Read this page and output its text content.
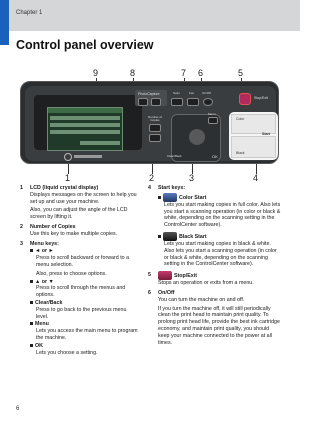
Chapter 1
Control panel overview
9	8	7 6	5
PhotoCapture	Scan	Fax	On/Off
Number of Copies
Menu
Clear/Back	OK
Stop/Exit
Color
Start
Black
1	2	3	4
1	LCD (liquid crystal display)
Displays messages on the screen to help you set up and use your machine.
Also, you can adjust the angle of the LCD screen by lifting it.
2	Number of Copies
Use this key to make multiple copies.
3	Menu keys:
◄ or ►
Press to scroll backward or forward to a menu selection.
Also, press to choose options.
▲ or ▼
Press to scroll through the menus and options.
Clear/Back
Press to go back to the previous menu level.
Menu
Lets you access the main menu to program the machine.
OK
Lets you choose a setting.
4	Start keys:
Color Start
Lets you start making copies in full color. Also lets you start a scanning operation (in color or black & white, depending on the scanning setting in the ControlCenter software).
Black Start
Lets you start making copies in black & white. Also lets you start a scanning operation (in color or black & white, depending on the scanning setting in the ControlCenter software).
5	Stop/Exit
Stops an operation or exits from a menu.
6	On/Off
You can turn the machine on and off.
If you turn the machine off, it will still periodically clean the print head to maintain print quality. To prolong print head life, provide the best ink cartridge economy, and maintain print quality, you should keep your machine connected to the power at all times.
6
